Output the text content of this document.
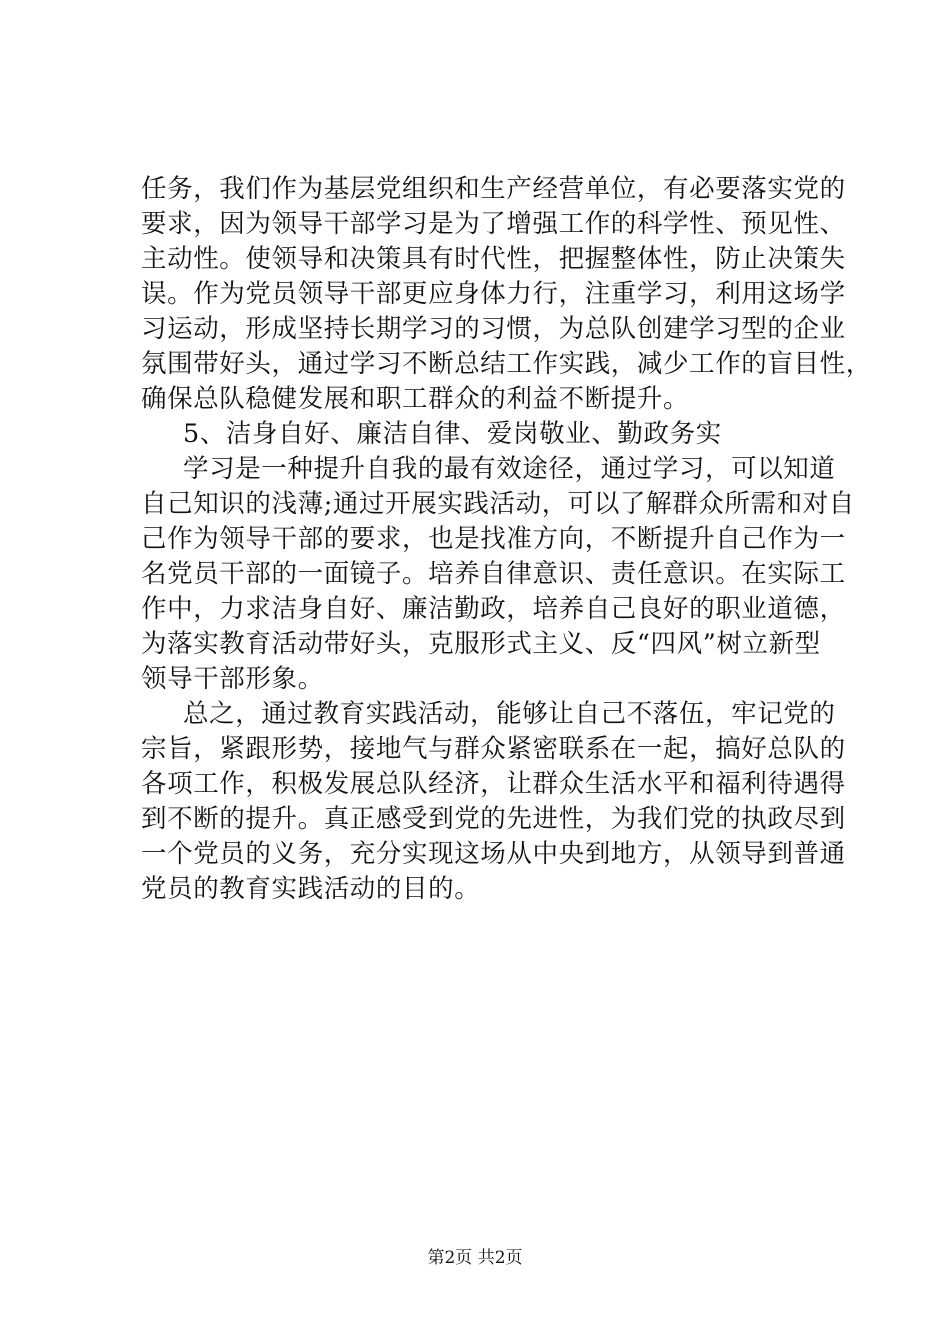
任务，我们作为基层党组织和生产经营单位，有必要落实党的
要求，因为领导干部学习是为了增强工作的科学性、预见性、
主动性。使领导和决策具有时代性，把握整体性，防止决策失
误。作为党员领导干部更应身体力行，注重学习，利用这场学
习运动，形成坚持长期学习的习惯，为总队创建学习型的企业
氛围带好头，通过学习不断总结工作实践，减少工作的盲目性，
确保总队稳健发展和职工群众的利益不断提升。
5、洁身自好、廉洁自律、爱岗敬业、勤政务实
学习是一种提升自我的最有效途径，通过学习，可以知道
自己知识的浅薄;通过开展实践活动，可以了解群众所需和对自
己作为领导干部的要求，也是找准方向，不断提升自己作为一
名党员干部的一面镜子。培养自律意识、责任意识。在实际工
作中，力求洁身自好、廉洁勤政，培养自己良好的职业道德，
为落实教育活动带好头，克服形式主义、反“四风”树立新型
领导干部形象。
总之，通过教育实践活动，能够让自己不落伍，牢记党的
宗旨，紧跟形势，接地气与群众紧密联系在一起，搞好总队的
各项工作，积极发展总队经济，让群众生活水平和福利待遇得
到不断的提升。真正感受到党的先进性，为我们党的执政尽到
一个党员的义务，充分实现这场从中央到地方，从领导到普通
党员的教育实践活动的目的。
第2页 共2页
